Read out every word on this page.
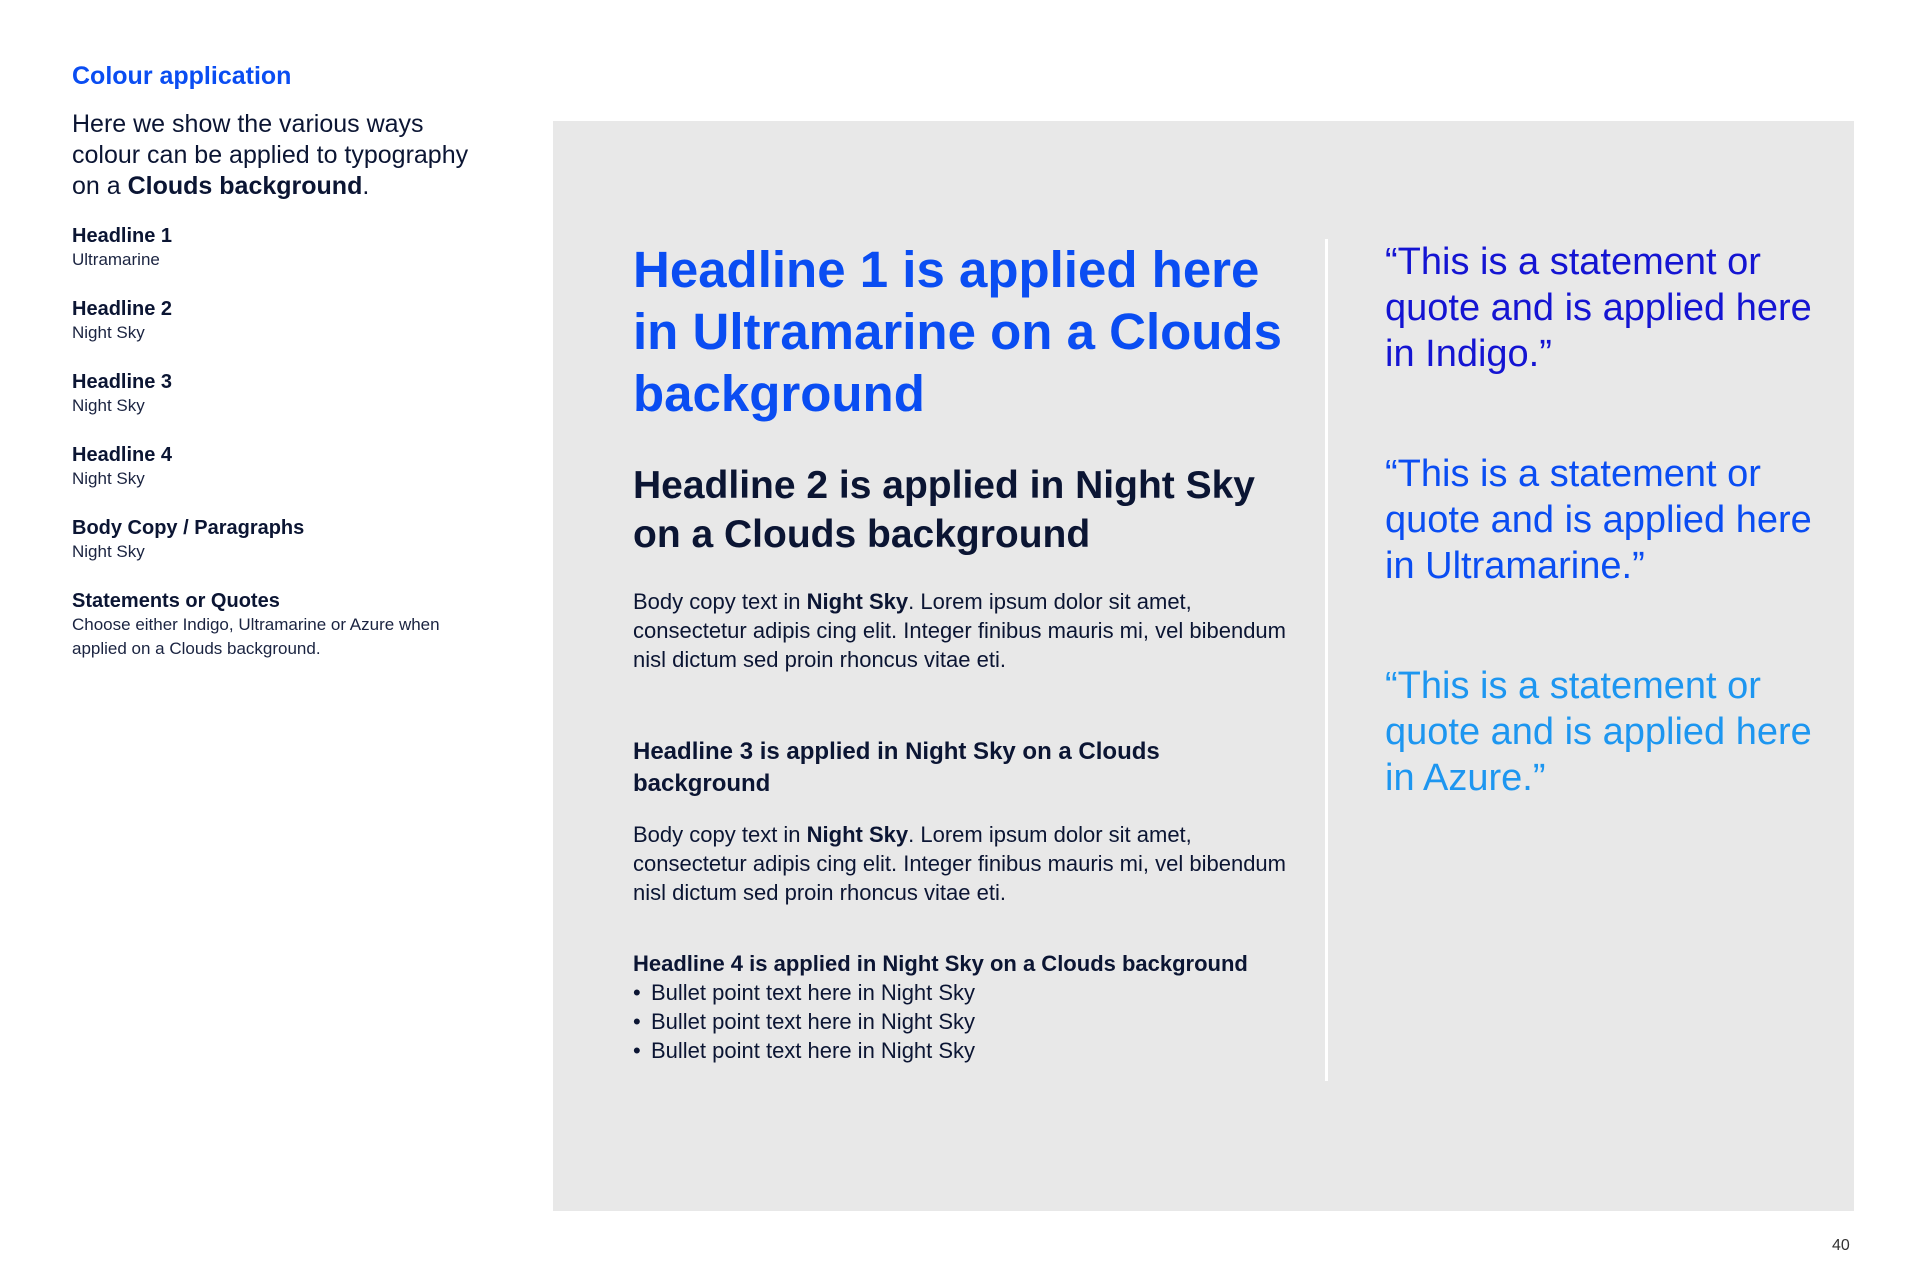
Colour application

Here we show the various ways colour can be applied to typography on a Clouds background.

Headline 1
Ultramarine
Headline 2
Night Sky
Headline 3
Night Sky
Headline 4
Night Sky
Body Copy / Paragraphs
Night Sky
Statements or Quotes
Choose either Indigo, Ultramarine or Azure when applied on a Clouds background.
Headline 1 is applied here in Ultramarine on a Clouds background
Headline 2 is applied in Night Sky on a Clouds background

Body copy text in Night Sky. Lorem ipsum dolor sit amet, consectetur adipis cing elit. Integer finibus mauris mi, vel bibendum nisl dictum sed proin rhoncus vitae eti.

Headline 3 is applied in Night Sky on a Clouds background

Body copy text in Night Sky. Lorem ipsum dolor sit amet, consectetur adipis cing elit. Integer finibus mauris mi, vel bibendum nisl dictum sed proin rhoncus vitae eti.

Headline 4 is applied in Night Sky on a Clouds background
• Bullet point text here in Night Sky
• Bullet point text here in Night Sky
• Bullet point text here in Night Sky

“This is a statement or quote and is applied here in Indigo.”

“This is a statement or quote and is applied here in Ultramarine.”

“This is a statement or quote and is applied here in Azure.”

40
